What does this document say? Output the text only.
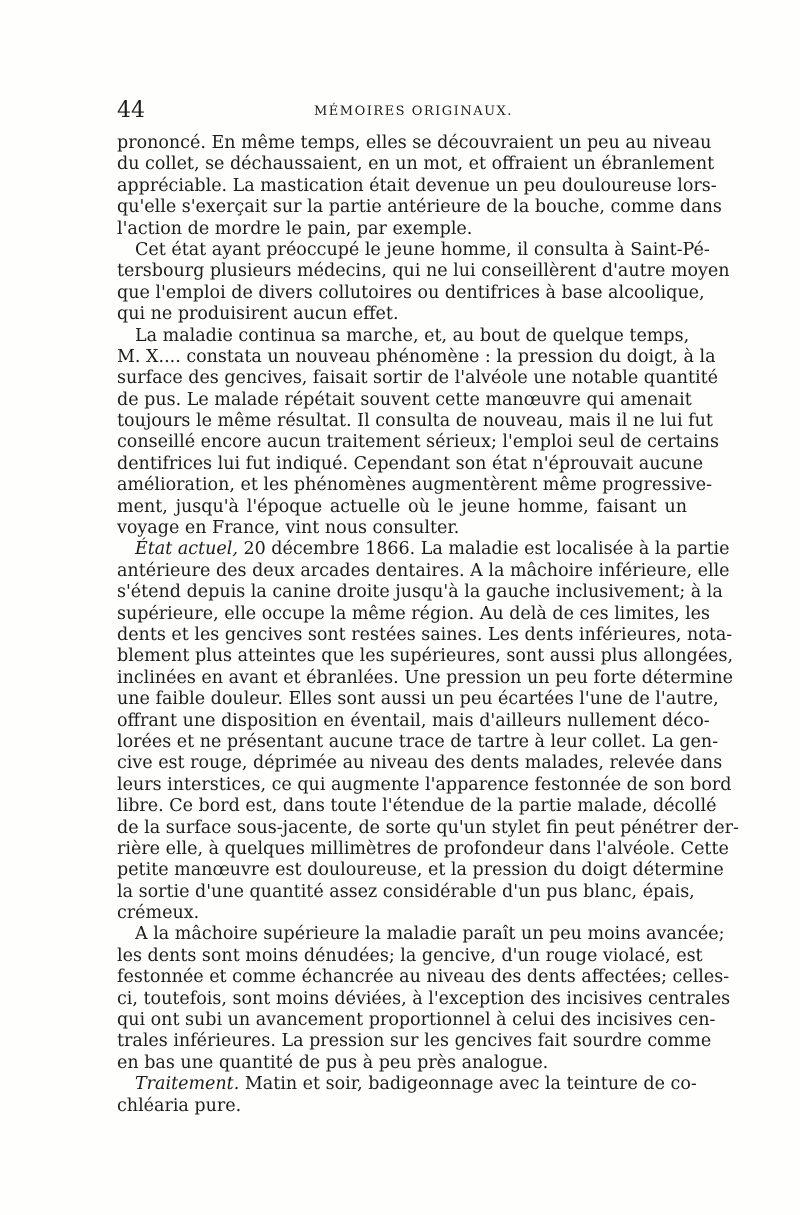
44	MÉMOIRES ORIGINAUX.
prononcé. En même temps, elles se découvraient un peu au niveau
du collet, se déchaussaient, en un mot, et offraient un ébranlement
appréciable. La mastication était devenue un peu douloureuse lors-
qu'elle s'exerçait sur la partie antérieure de la bouche, comme dans
l'action de mordre le pain, par exemple.
Cet état ayant préoccupé le jeune homme, il consulta à Saint-Pé-
tersbourg plusieurs médecins, qui ne lui conseillèrent d'autre moyen
que l'emploi de divers collutoires ou dentifrices à base alcoolique,
qui ne produisirent aucun effet.
La maladie continua sa marche, et, au bout de quelque temps,
M. X.... constata un nouveau phénomène : la pression du doigt, à la
surface des gencives, faisait sortir de l'alvéole une notable quantité
de pus. Le malade répétait souvent cette manœuvre qui amenait
toujours le même résultat. Il consulta de nouveau, mais il ne lui fut
conseillé encore aucun traitement sérieux; l'emploi seul de certains
dentifrices lui fut indiqué. Cependant son état n'éprouvait aucune
amélioration, et les phénomènes augmentèrent même progressive-
ment, jusqu'à l'époque actuelle où le jeune homme, faisant un
voyage en France, vint nous consulter.
État actuel, 20 décembre 1866. La maladie est localisée à la partie
antérieure des deux arcades dentaires. A la mâchoire inférieure, elle
s'étend depuis la canine droite jusqu'à la gauche inclusivement; à la
supérieure, elle occupe la même région. Au delà de ces limites, les
dents et les gencives sont restées saines. Les dents inférieures, nota-
blement plus atteintes que les supérieures, sont aussi plus allongées,
inclinées en avant et ébranlées. Une pression un peu forte détermine
une faible douleur. Elles sont aussi un peu écartées l'une de l'autre,
offrant une disposition en éventail, mais d'ailleurs nullement déco-
lorées et ne présentant aucune trace de tartre à leur collet. La gen-
cive est rouge, déprimée au niveau des dents malades, relevée dans
leurs interstices, ce qui augmente l'apparence festonnée de son bord
libre. Ce bord est, dans toute l'étendue de la partie malade, décollé
de la surface sous-jacente, de sorte qu'un stylet fin peut pénétrer der-
rière elle, à quelques millimètres de profondeur dans l'alvéole. Cette
petite manœuvre est douloureuse, et la pression du doigt détermine
la sortie d'une quantité assez considérable d'un pus blanc, épais,
crémeux.
A la mâchoire supérieure la maladie paraît un peu moins avancée;
les dents sont moins dénudées; la gencive, d'un rouge violacé, est
festonnée et comme échancrée au niveau des dents affectées; celles-
ci, toutefois, sont moins déviées, à l'exception des incisives centrales
qui ont subi un avancement proportionnel à celui des incisives cen-
trales inférieures. La pression sur les gencives fait sourdre comme
en bas une quantité de pus à peu près analogue.
Traitement. Matin et soir, badigeonnage avec la teinture de co-
chléaria pure.
